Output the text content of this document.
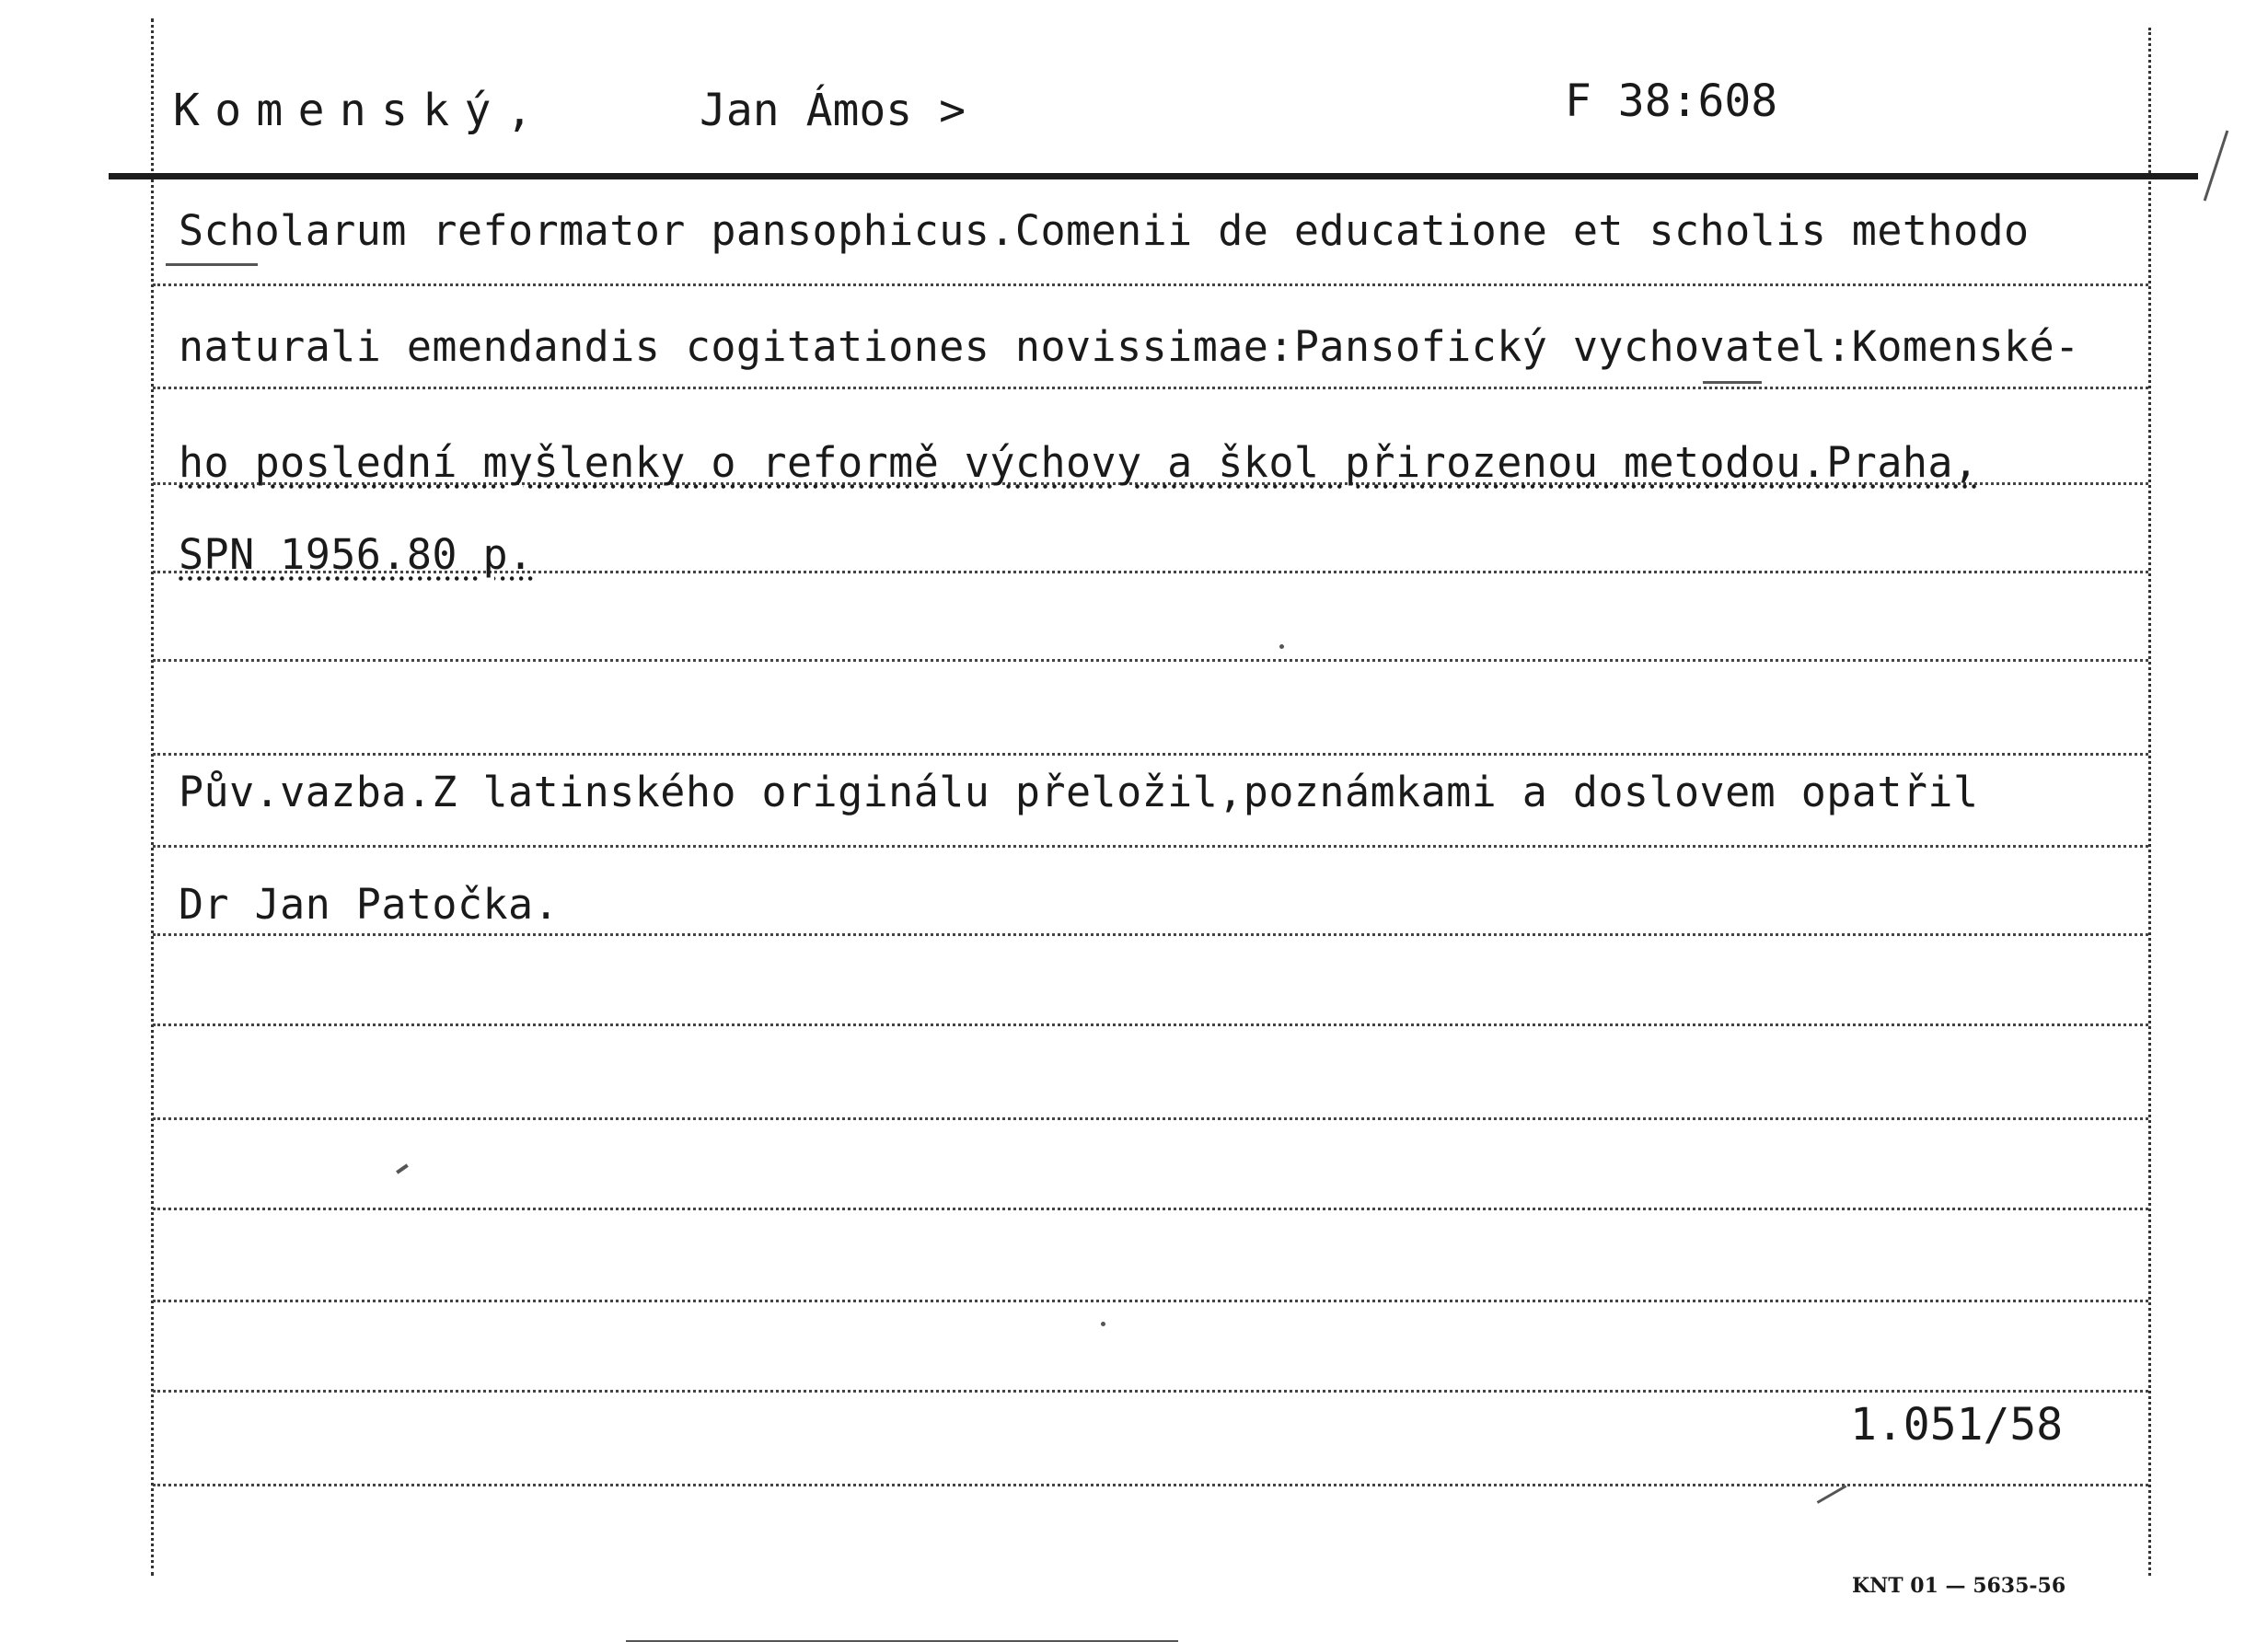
Komenský,	Jan Ámos >	F 38:608
Scholarum reformator pansophicus.Comenii de educatione et scholis methodo
naturali emendandis cogitationes novissimae:Pansofický vychovatel:Komenské-
ho poslední myšlenky o reformě výchovy a škol přirozenou metodou.Praha,
SPN 1956.80 p.
Pův.vazba.Z latinského originálu přeložil,poznámkami a doslovem opatřil
Dr Jan Patočka.
1.051/58
KNT 01 — 5635-56
